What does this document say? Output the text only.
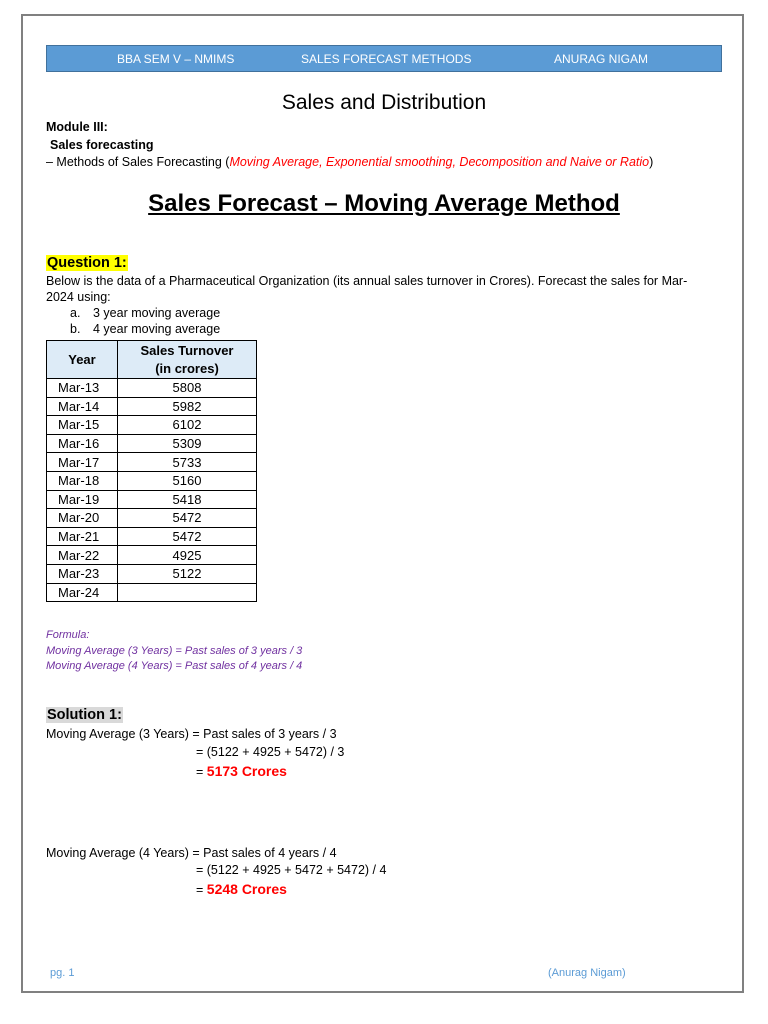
BBA SEM V – NMIMS	SALES FORECAST METHODS	ANURAG NIGAM
Sales and Distribution
Module III:
Sales forecasting
– Methods of Sales Forecasting (Moving Average, Exponential smoothing, Decomposition and Naive or Ratio)
Sales Forecast – Moving Average Method
Question 1:
Below is the data of a Pharmaceutical Organization (its annual sales turnover in Crores). Forecast the sales for Mar-
2024 using:
a. 3 year moving average
b. 4 year moving average
Year	Sales Turnover
(in crores)
Mar-13	5808
Mar-14	5982
Mar-15	6102
Mar-16	5309
Mar-17	5733
Mar-18	5160
Mar-19	5418
Mar-20	5472
Mar-21	5472
Mar-22	4925
Mar-23	5122
Mar-24	
Formula:
Moving Average (3 Years) = Past sales of 3 years / 3
Moving Average (4 Years) = Past sales of 4 years / 4
Solution 1:
Moving Average (3 Years) = Past sales of 3 years / 3
= (5122 + 4925 + 5472) / 3
= 5173 Crores
Moving Average (4 Years) = Past sales of 4 years / 4
= (5122 + 4925 + 5472 + 5472) / 4
= 5248 Crores
pg. 1	(Anurag Nigam)
